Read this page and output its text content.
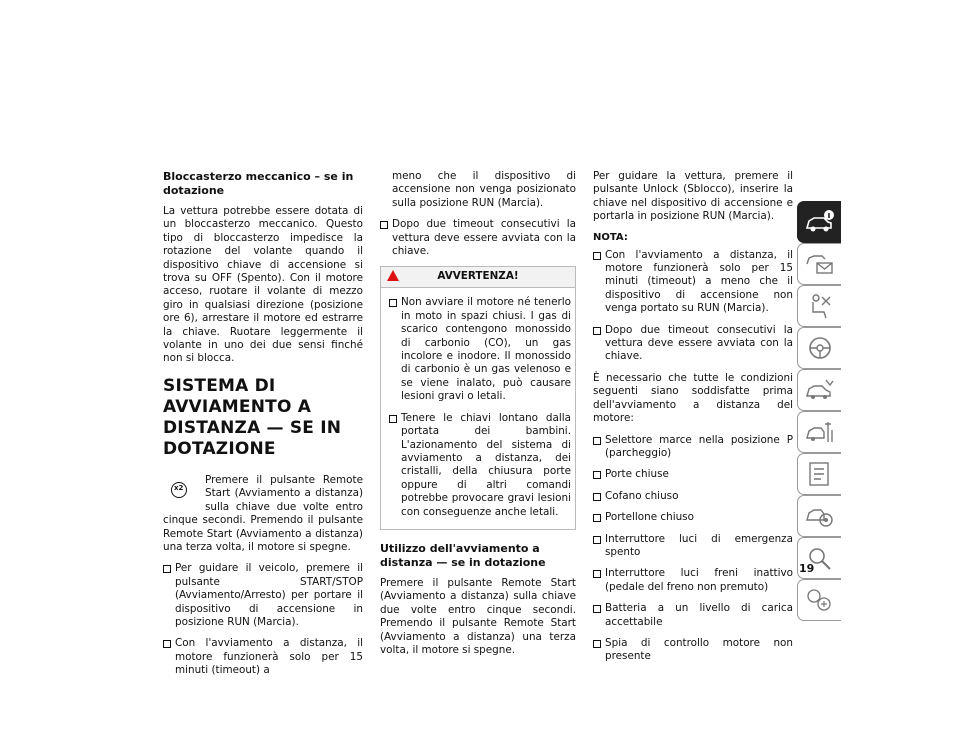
Bloccasterzo meccanico – se in dotazione

La vettura potrebbe essere dotata di un bloccasterzo meccanico. Questo tipo di bloccasterzo impedisce la rotazione del volante quando il dispositivo chiave di accensione si trova su OFF (Spento). Con il motore acceso, ruotare il volante di mezzo giro in qualsiasi direzione (posizione ore 6), arrestare il motore ed estrarre la chiave. Ruotare leggermente il volante in uno dei due sensi finché non si blocca.

SISTEMA DI AVVIAMENTO A DISTANZA — SE IN DOTAZIONE
x2

Premere il pulsante Remote Start (Avviamento a distanza) sulla chiave due volte entro cinque secondi. Premendo il pulsante Remote Start (Avviamento a distanza) una terza volta, il motore si spegne.

Per guidare il veicolo, premere il pulsante START/STOP (Avviamento/Arresto) per portare il dispositivo di accensione in posizione RUN (Marcia).
Con l'avviamento a distanza, il motore funzionerà solo per 15 minuti (timeout) a

meno che il dispositivo di accensione non venga posizionato sulla posizione RUN (Marcia).

Dopo due timeout consecutivi la vettura deve essere avviata con la chiave.
AVVERTENZA!
Non avviare il motore né tenerlo in moto in spazi chiusi. I gas di scarico contengono monossido di carbonio (CO), un gas incolore e inodore. Il monossido di carbonio è un gas velenoso e se viene inalato, può causare lesioni gravi o letali.
Tenere le chiavi lontano dalla portata dei bambini. L'azionamento del sistema di avviamento a distanza, dei cristalli, della chiusura porte oppure di altri comandi potrebbe provocare gravi lesioni con conseguenze anche letali.
Utilizzo dell'avviamento a distanza — se in dotazione

Premere il pulsante Remote Start (Avviamento a distanza) sulla chiave due volte entro cinque secondi. Premendo il pulsante Remote Start (Avviamento a distanza) una terza volta, il motore si spegne.

Per guidare la vettura, premere il pulsante Unlock (Sblocco), inserire la chiave nel dispositivo di accensione e portarla in posizione RUN (Marcia).

NOTA:
Con l'avviamento a distanza, il motore funzionerà solo per 15 minuti (timeout) a meno che il dispositivo di accensione non venga portato su RUN (Marcia).
Dopo due timeout consecutivi la vettura deve essere avviata con la chiave.

È necessario che tutte le condizioni seguenti siano soddisfatte prima dell'avviamento a distanza del motore:

Selettore marce nella posizione P (parcheggio)
Porte chiuse
Cofano chiuso
Portellone chiuso
Interruttore luci di emergenza spento
Interruttore luci freni inattivo (pedale del freno non premuto)
Batteria a un livello di carica accettabile
Spia di controllo motore non presente
19
